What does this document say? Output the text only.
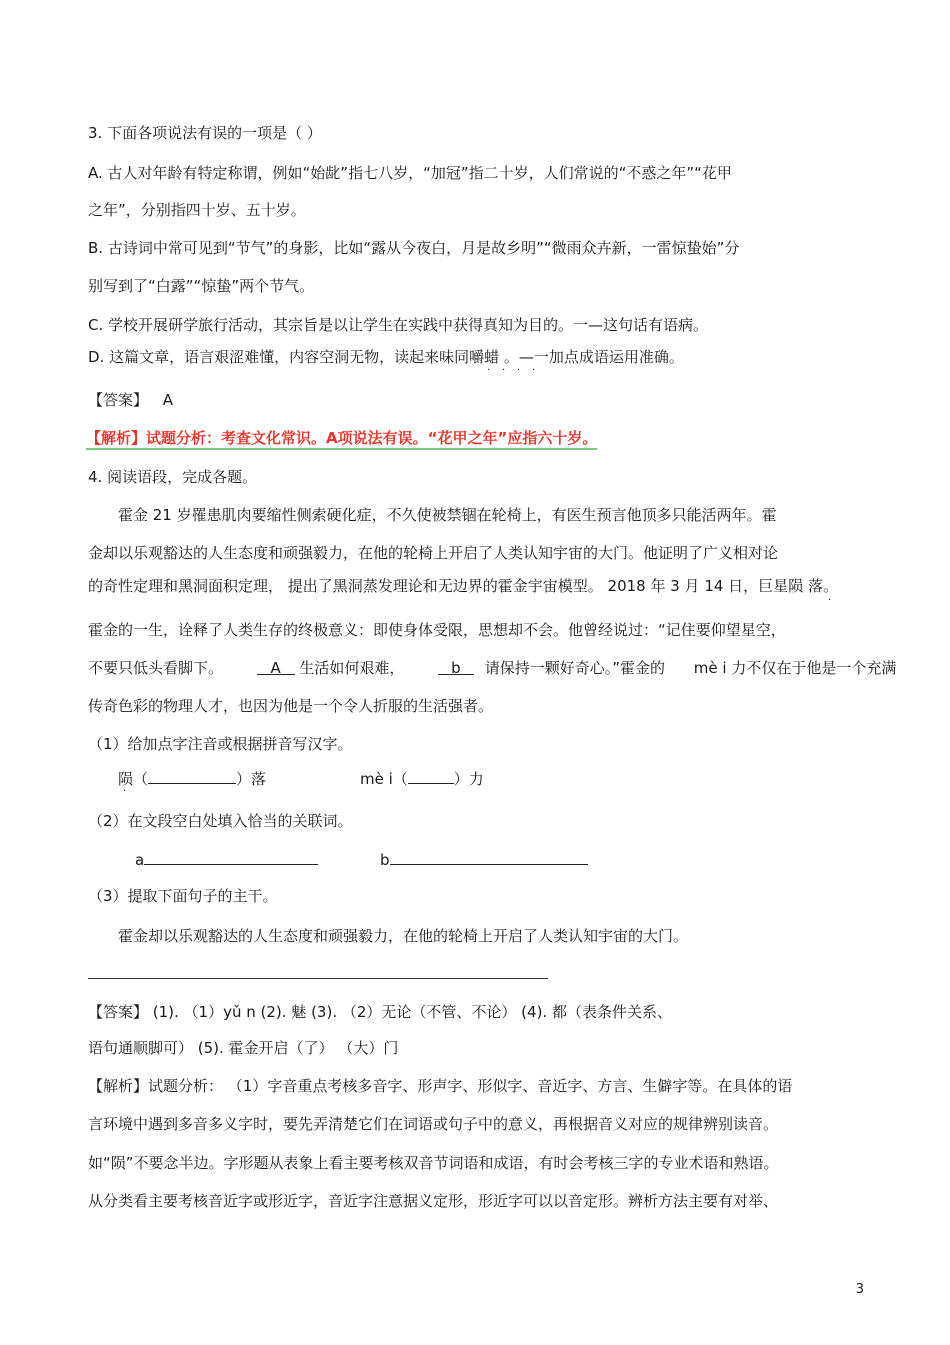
3. 下面各项说法有误的一项是（ ）
A. 古人对年龄有特定称谓，例如“始龀”指七八岁，“加冠”指二十岁，人们常说的“不惑之年”“花甲
之年”，分别指四十岁、五十岁。
B. 古诗词中常可见到“节气”的身影，比如“露从今夜白，月是故乡明”“微雨众卉新，一雷惊蛰始”分
别写到了“白露”“惊蛰”两个节气。
C. 学校开展研学旅行活动，其宗旨是以让学生在实践中获得真知为目的。一—这句话有语病。
D. 这篇文章，语言艰涩难懂，内容空洞无物，读起来味同嚼蜡 。—一加点成语运用准确。
· · · ·
【答案】 A
【解析】试题分析：考查文化常识。A项说法有误。“花甲之年”应指六十岁。
4. 阅读语段，完成各题。
霍金 21 岁罹患肌肉要缩性侧索硬化症，不久使被禁锢在轮椅上，有医生预言他顶多只能活两年。霍
金却以乐观豁达的人生态度和顽强毅力，在他的轮椅上开启了人类认知宇宙的大门。他证明了广义相对论
的奇性定理和黑洞面积定理， 提出了黑洞蒸发理论和无边界的霍金宇宙模型。 2018 年 3 月 14 日，巨星陨 落。
·
霍金的一生，诠释了人类生存的终极意义：即使身体受限，思想却不会。他曾经说过：“记住要仰望星空，
不要只低头看脚下。	A 生活如何艰难，	b 请保持一颗好奇心。”霍金的 mè i 力不仅在于他是一个充满
传奇色彩的物理人才，也因为他是一个令人折服的生活强者。
（1）给加点字注音或根据拼音写汉字。
陨（	）落
·
mè i（	）力
（2）在文段空白处填入恰当的关联词。
a	b
（3）提取下面句子的主干。
霍金却以乐观豁达的人生态度和顽强毅力，在他的轮椅上开启了人类认知宇宙的大门。
【答案】 (1). （1）yǔ n (2). 魅 (3). （2）无论（不管、不论） (4). 都（表条件关系、
语句通顺脚可） (5). 霍金开启（了） （大）门
【解析】试题分析： （1）字音重点考核多音字、形声字、形似字、音近字、方言、生僻字等。在具体的语
言环境中遇到多音多义字时，要先弄清楚它们在词语或句子中的意义，再根据音义对应的规律辨别读音。
如“陨”不要念半边。字形题从表象上看主要考核双音节词语和成语，有时会考核三字的专业术语和熟语。
从分类看主要考核音近字或形近字，音近字注意据义定形，形近字可以以音定形。辨析方法主要有对举、
3
